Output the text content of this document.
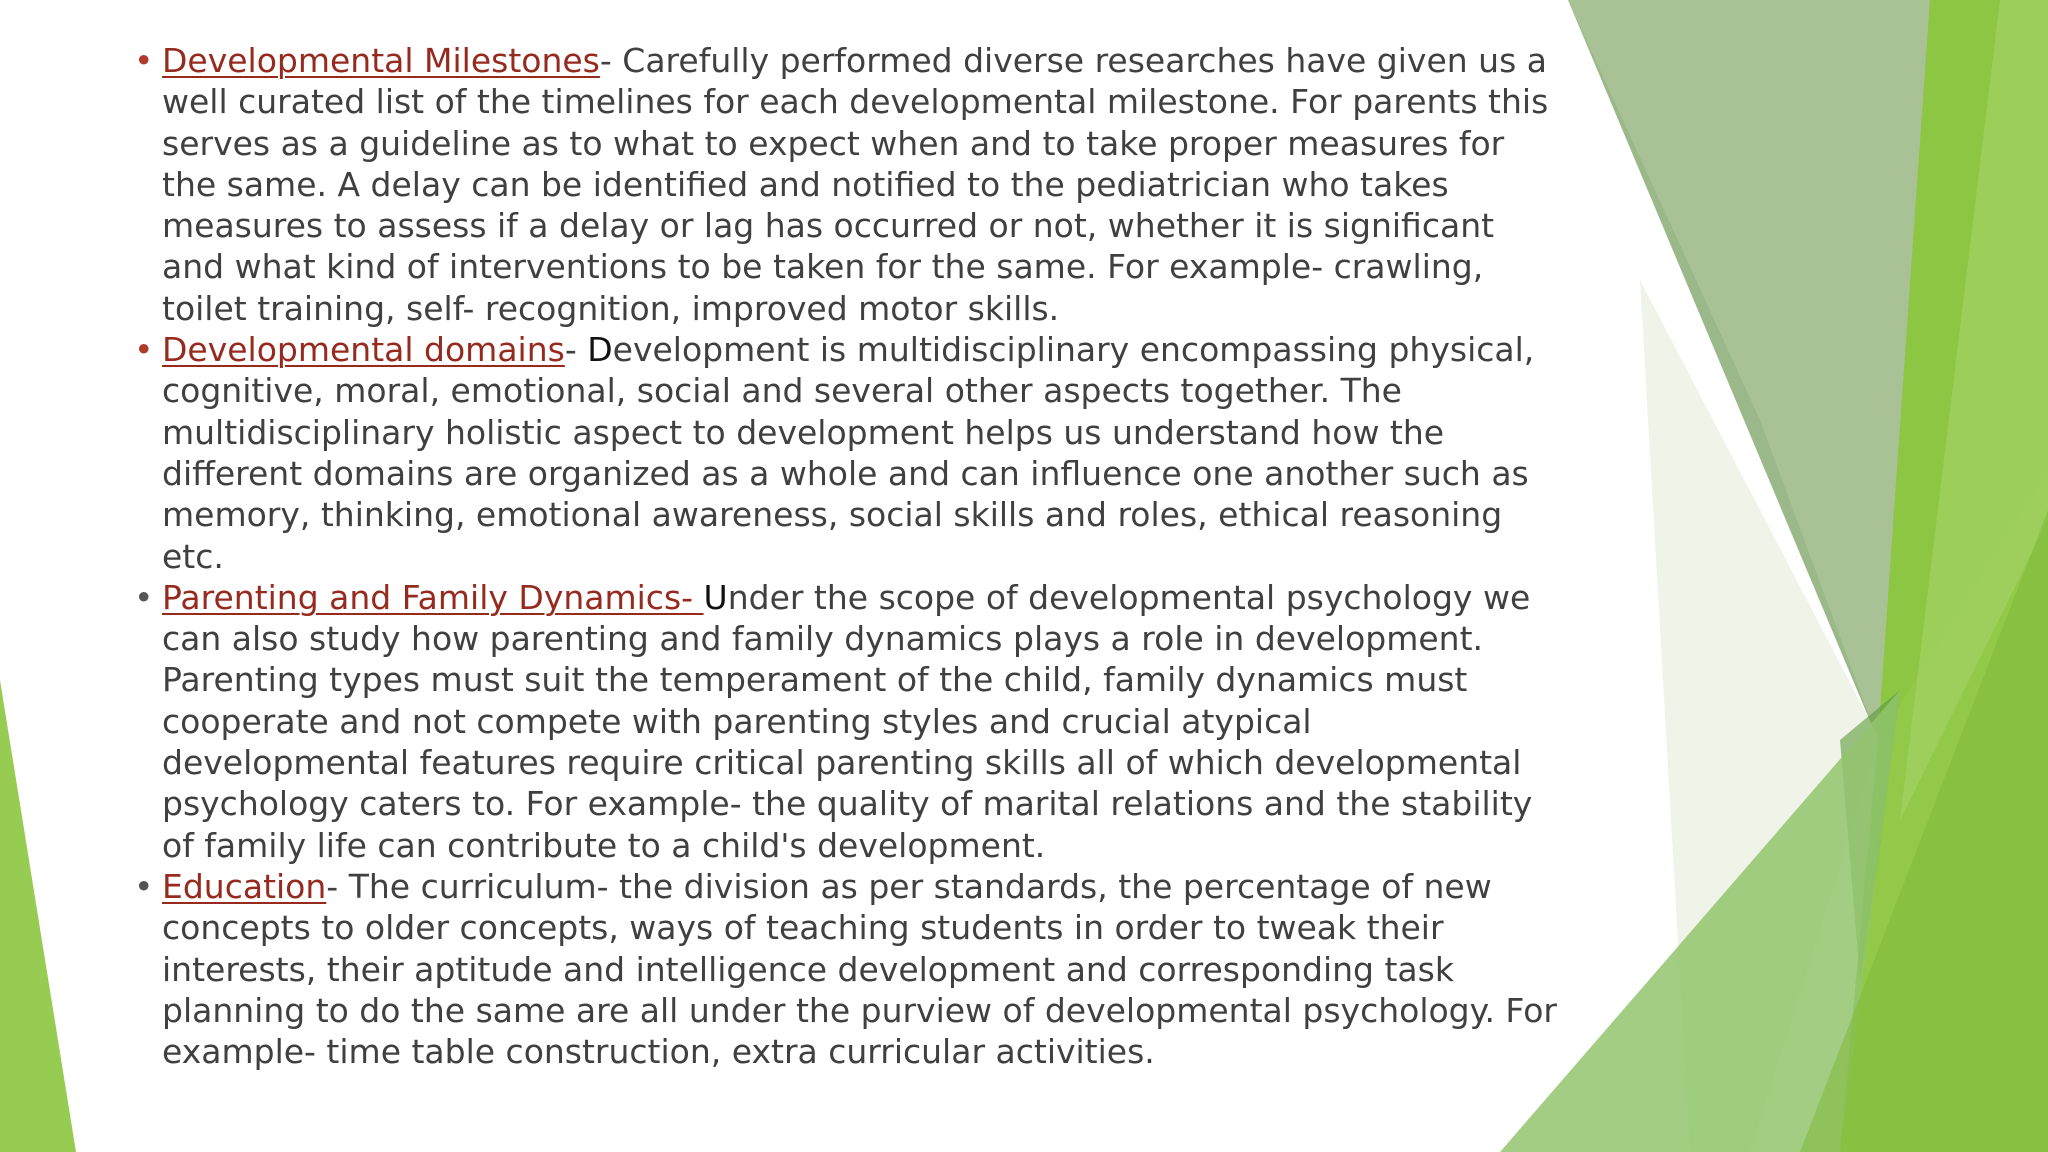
• Developmental Milestones- Carefully performed diverse researches have given us a well curated list of the timelines for each developmental milestone. For parents this serves as a guideline as to what to expect when and to take proper measures for the same. A delay can be identified and notified to the pediatrician who takes measures to assess if a delay or lag has occurred or not, whether it is significant and what kind of interventions to be taken for the same. For example- crawling, toilet training, self- recognition, improved motor skills.
• Developmental domains- Development is multidisciplinary encompassing physical, cognitive, moral, emotional, social and several other aspects together. The multidisciplinary holistic aspect to development helps us understand how the different domains are organized as a whole and can influence one another such as memory, thinking, emotional awareness, social skills and roles, ethical reasoning etc.
• Parenting and Family Dynamics- Under the scope of developmental psychology we can also study how parenting and family dynamics plays a role in development. Parenting types must suit the temperament of the child, family dynamics must cooperate and not compete with parenting styles and crucial atypical developmental features require critical parenting skills all of which developmental psychology caters to. For example- the quality of marital relations and the stability of family life can contribute to a child's development.
• Education- The curriculum- the division as per standards, the percentage of new concepts to older concepts, ways of teaching students in order to tweak their interests, their aptitude and intelligence development and corresponding task planning to do the same are all under the purview of developmental psychology. For example- time table construction, extra curricular activities.
